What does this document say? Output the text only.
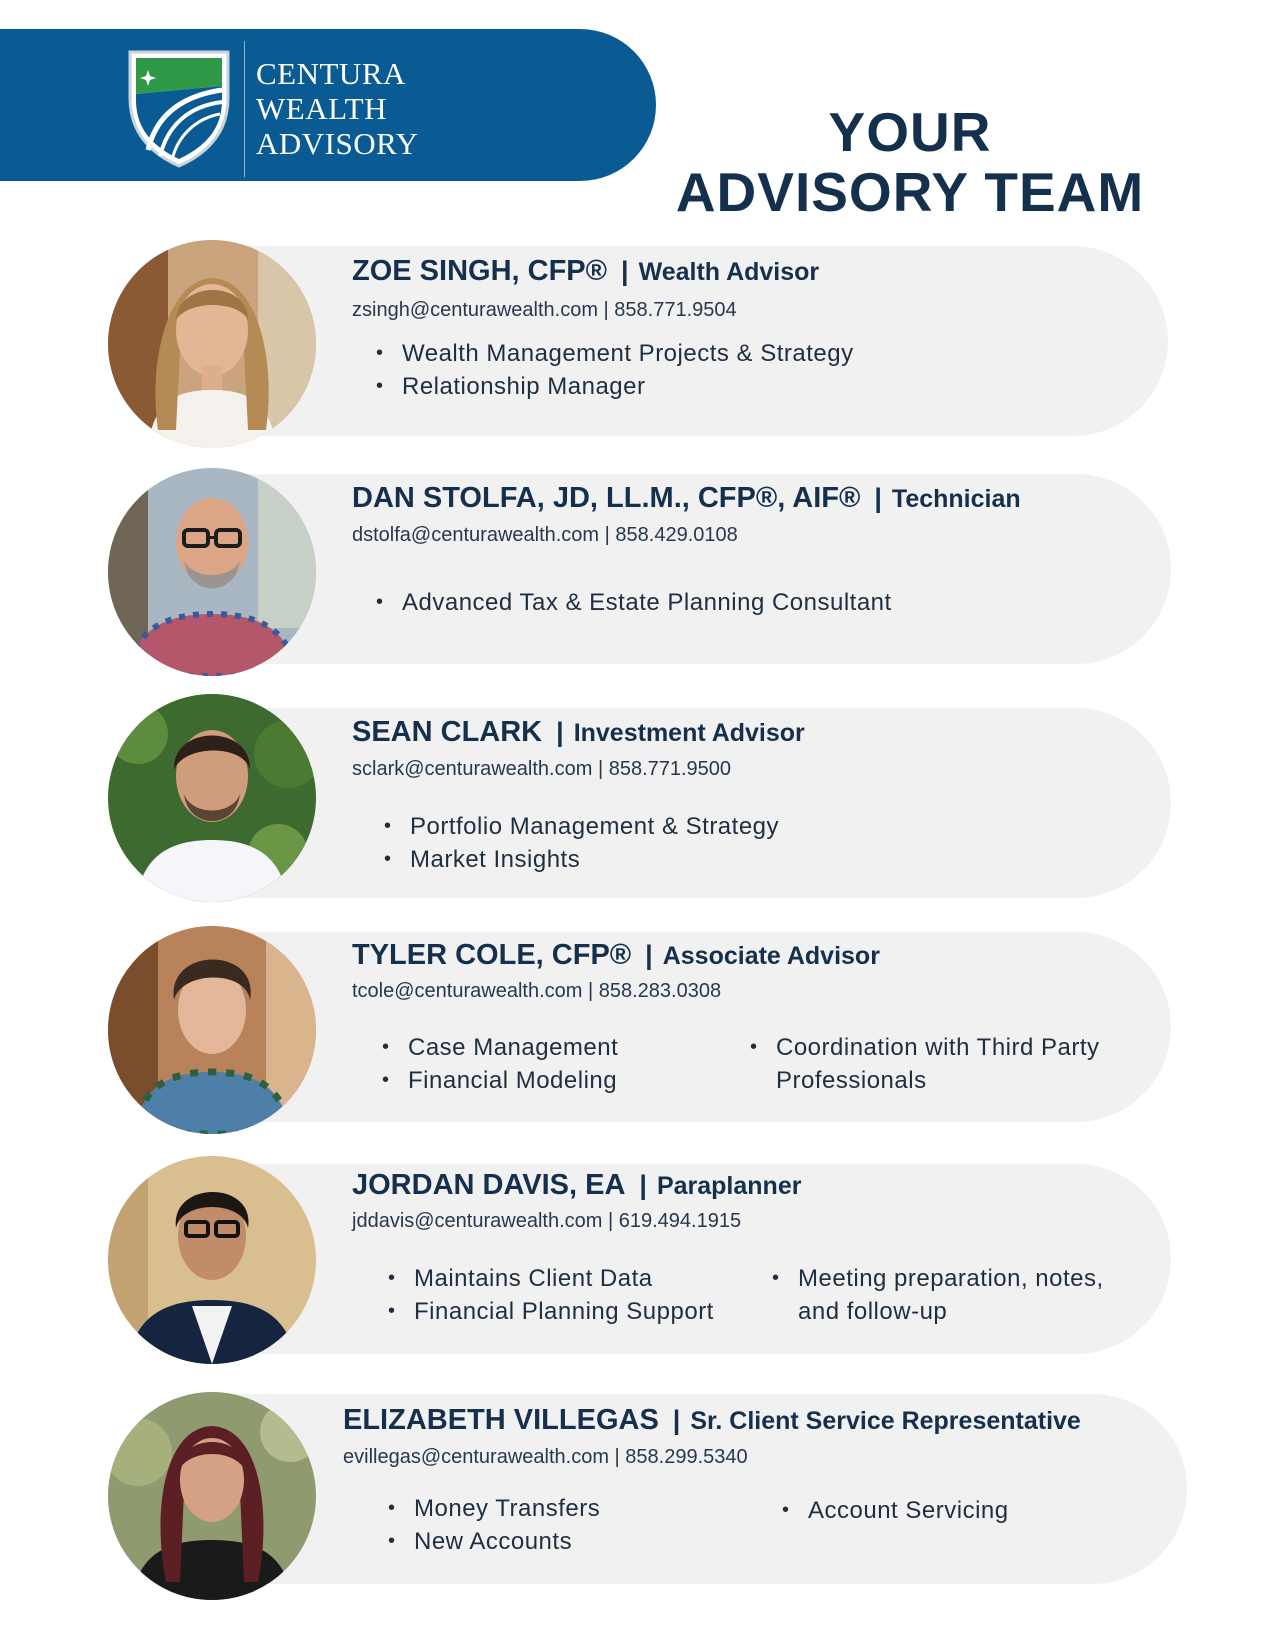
CENTURA
WEALTH
ADVISORY	YOUR
ADVISORY TEAM
ZOE SINGH, CFP® | Wealth Advisor
zsingh@centurawealth.com | 858.771.9504
• Wealth Management Projects & Strategy
• Relationship Manager
DAN STOLFA, JD, LL.M., CFP®, AIF® | Technician
dstolfa@centurawealth.com | 858.429.0108
• Advanced Tax & Estate Planning Consultant
SEAN CLARK | Investment Advisor
sclark@centurawealth.com | 858.771.9500
• Portfolio Management & Strategy
• Market Insights
TYLER COLE, CFP® | Associate Advisor
tcole@centurawealth.com | 858.283.0308
• Case Management
• Financial Modeling
• Coordination with Third Party
Professionals
JORDAN DAVIS, EA | Paraplanner
jddavis@centurawealth.com | 619.494.1915
• Maintains Client Data
• Financial Planning Support
• Meeting preparation, notes,
and follow-up
ELIZABETH VILLEGAS | Sr. Client Service Representative
evillegas@centurawealth.com | 858.299.5340
• Money Transfers
• New Accounts
• Account Servicing
